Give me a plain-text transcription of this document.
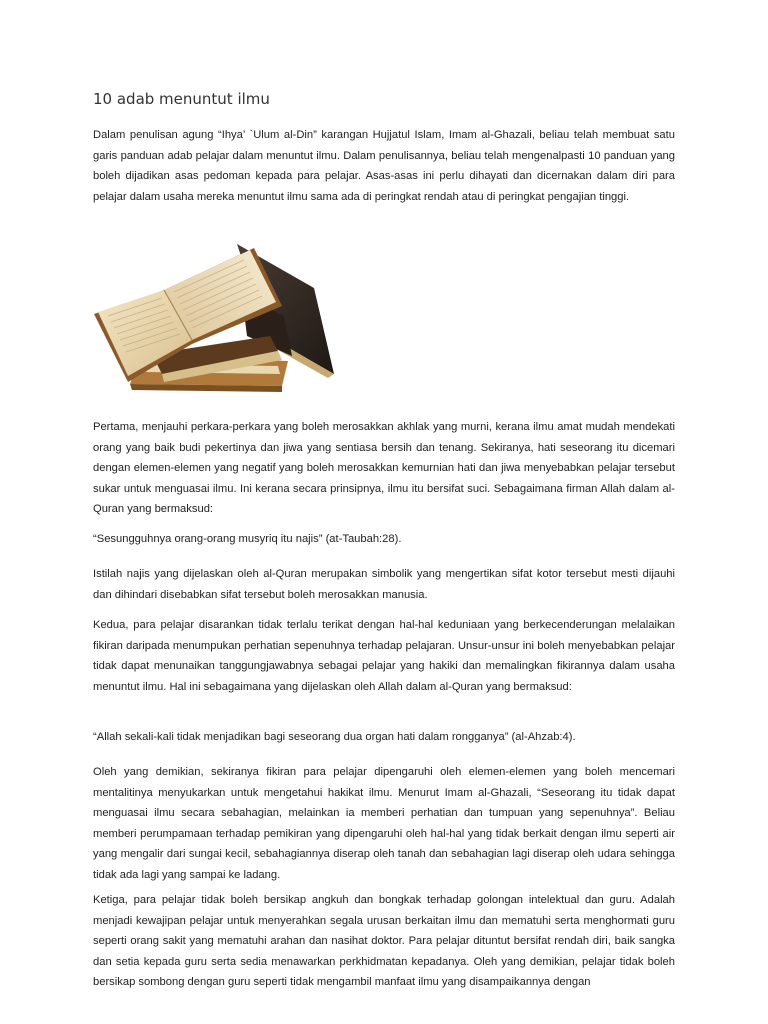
10 adab menuntut ilmu

Dalam penulisan agung “Ihya’ `Ulum al-Din” karangan Hujjatul Islam, Imam al-Ghazali, beliau telah membuat satu garis panduan adab pelajar dalam menuntut ilmu. Dalam penulisannya, beliau telah mengenalpasti 10 panduan yang boleh dijadikan asas pedoman kepada para pelajar. Asas-asas ini perlu dihayati dan dicernakan dalam diri para pelajar dalam usaha mereka menuntut ilmu sama ada di peringkat rendah atau di peringkat pengajian tinggi.

Pertama, menjauhi perkara-perkara yang boleh merosakkan akhlak yang murni, kerana ilmu amat mudah mendekati orang yang baik budi pekertinya dan jiwa yang sentiasa bersih dan tenang. Sekiranya, hati seseorang itu dicemari dengan elemen-elemen yang negatif yang boleh merosakkan kemurnian hati dan jiwa menyebabkan pelajar tersebut sukar untuk menguasai ilmu. Ini kerana secara prinsipnya, ilmu itu bersifat suci. Sebagaimana firman Allah dalam al-Quran yang bermaksud:

“Sesungguhnya orang-orang musyriq itu najis” (at-Taubah:28).

Istilah najis yang dijelaskan oleh al-Quran merupakan simbolik yang mengertikan sifat kotor tersebut mesti dijauhi dan dihindari disebabkan sifat tersebut boleh merosakkan manusia.

Kedua, para pelajar disarankan tidak terlalu terikat dengan hal-hal keduniaan yang berkecenderungan melalaikan fikiran daripada menumpukan perhatian sepenuhnya terhadap pelajaran. Unsur-unsur ini boleh menyebabkan pelajar tidak dapat menunaikan tanggungjawabnya sebagai pelajar yang hakiki dan memalingkan fikirannya dalam usaha menuntut ilmu. Hal ini sebagaimana yang dijelaskan oleh Allah dalam al-Quran yang bermaksud:

“Allah sekali-kali tidak menjadikan bagi seseorang dua organ hati dalam rongganya” (al-Ahzab:4).

Oleh yang demikian, sekiranya fikiran para pelajar dipengaruhi oleh elemen-elemen yang boleh mencemari mentalitinya menyukarkan untuk mengetahui hakikat ilmu. Menurut Imam al-Ghazali, “Seseorang itu tidak dapat menguasai ilmu secara sebahagian, melainkan ia memberi perhatian dan tumpuan yang sepenuhnya”. Beliau memberi perumpamaan terhadap pemikiran yang dipengaruhi oleh hal-hal yang tidak berkait dengan ilmu seperti air yang mengalir dari sungai kecil, sebahagiannya diserap oleh tanah dan sebahagian lagi diserap oleh udara sehingga tidak ada lagi yang sampai ke ladang.

Ketiga, para pelajar tidak boleh bersikap angkuh dan bongkak terhadap golongan intelektual dan guru. Adalah menjadi kewajipan pelajar untuk menyerahkan segala urusan berkaitan ilmu dan mematuhi serta menghormati guru seperti orang sakit yang mematuhi arahan dan nasihat doktor. Para pelajar dituntut bersifat rendah diri, baik sangka dan setia kepada guru serta sedia menawarkan perkhidmatan kepadanya. Oleh yang demikian, pelajar tidak boleh bersikap sombong dengan guru seperti tidak mengambil manfaat ilmu yang disampaikannya dengan
